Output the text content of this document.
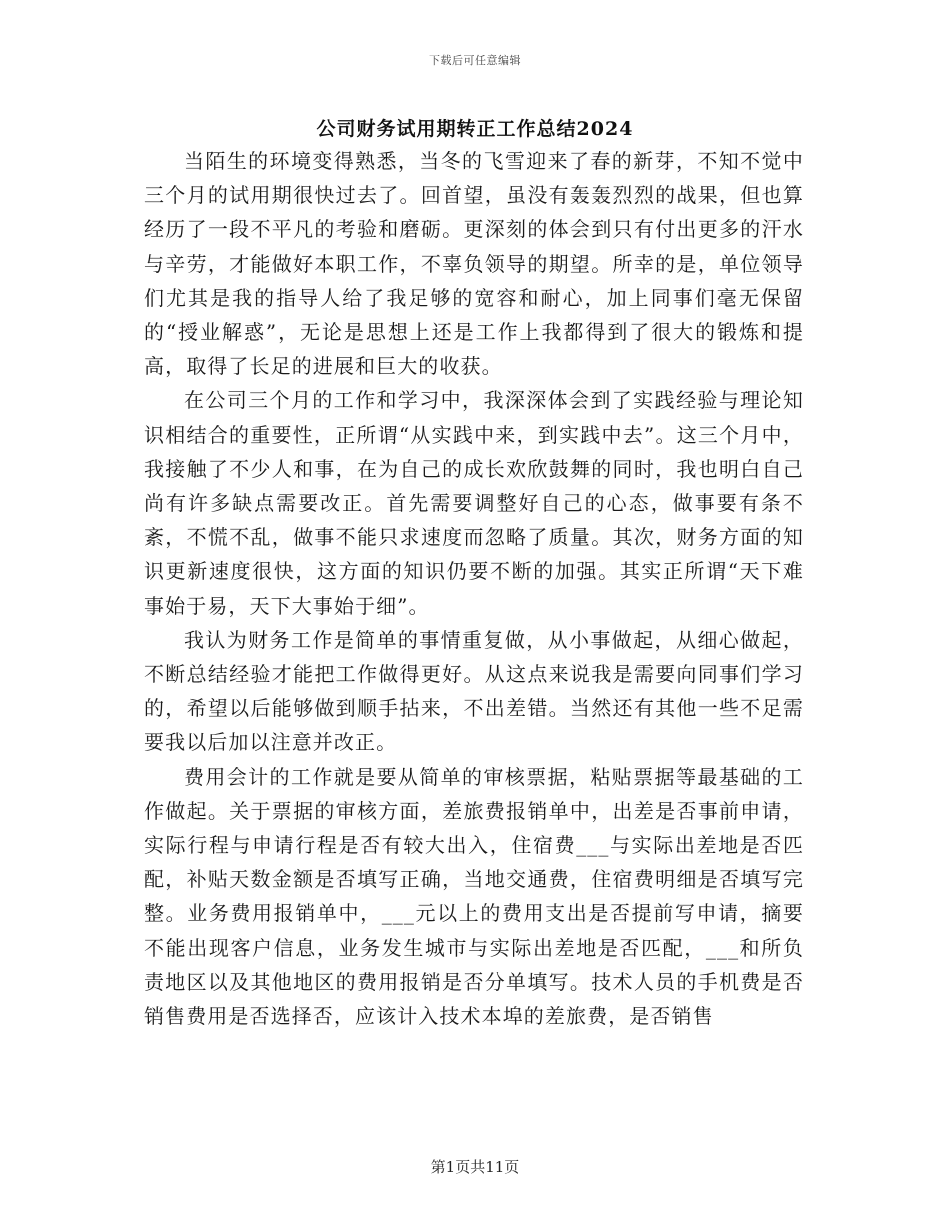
下载后可任意编辑
公司财务试用期转正工作总结2024

当陌生的环境变得熟悉，当冬的飞雪迎来了春的新芽，不知不觉中三个月的试用期很快过去了。回首望，虽没有轰轰烈烈的战果，但也算经历了一段不平凡的考验和磨砺。更深刻的体会到只有付出更多的汗水与辛劳，才能做好本职工作，不辜负领导的期望。所幸的是，单位领导们尤其是我的指导人给了我足够的宽容和耐心，加上同事们毫无保留的“授业解惑”，无论是思想上还是工作上我都得到了很大的锻炼和提高，取得了长足的进展和巨大的收获。

在公司三个月的工作和学习中，我深深体会到了实践经验与理论知识相结合的重要性，正所谓“从实践中来，到实践中去”。这三个月中，我接触了不少人和事，在为自己的成长欢欣鼓舞的同时，我也明白自己尚有许多缺点需要改正。首先需要调整好自己的心态，做事要有条不紊，不慌不乱，做事不能只求速度而忽略了质量。其次，财务方面的知识更新速度很快，这方面的知识仍要不断的加强。其实正所谓“天下难事始于易，天下大事始于细”。

我认为财务工作是简单的事情重复做，从小事做起，从细心做起，不断总结经验才能把工作做得更好。从这点来说我是需要向同事们学习的，希望以后能够做到顺手拈来，不出差错。当然还有其他一些不足需要我以后加以注意并改正。

费用会计的工作就是要从简单的审核票据，粘贴票据等最基础的工作做起。关于票据的审核方面，差旅费报销单中，出差是否事前申请，实际行程与申请行程是否有较大出入，住宿费___与实际出差地是否匹配，补贴天数金额是否填写正确，当地交通费，住宿费明细是否填写完整。业务费用报销单中，___元以上的费用支出是否提前写申请，摘要不能出现客户信息，业务发生城市与实际出差地是否匹配，___和所负责地区以及其他地区的费用报销是否分单填写。技术人员的手机费是否销售费用是否选择否，应该计入技术本埠的差旅费，是否销售

第1页共11页
